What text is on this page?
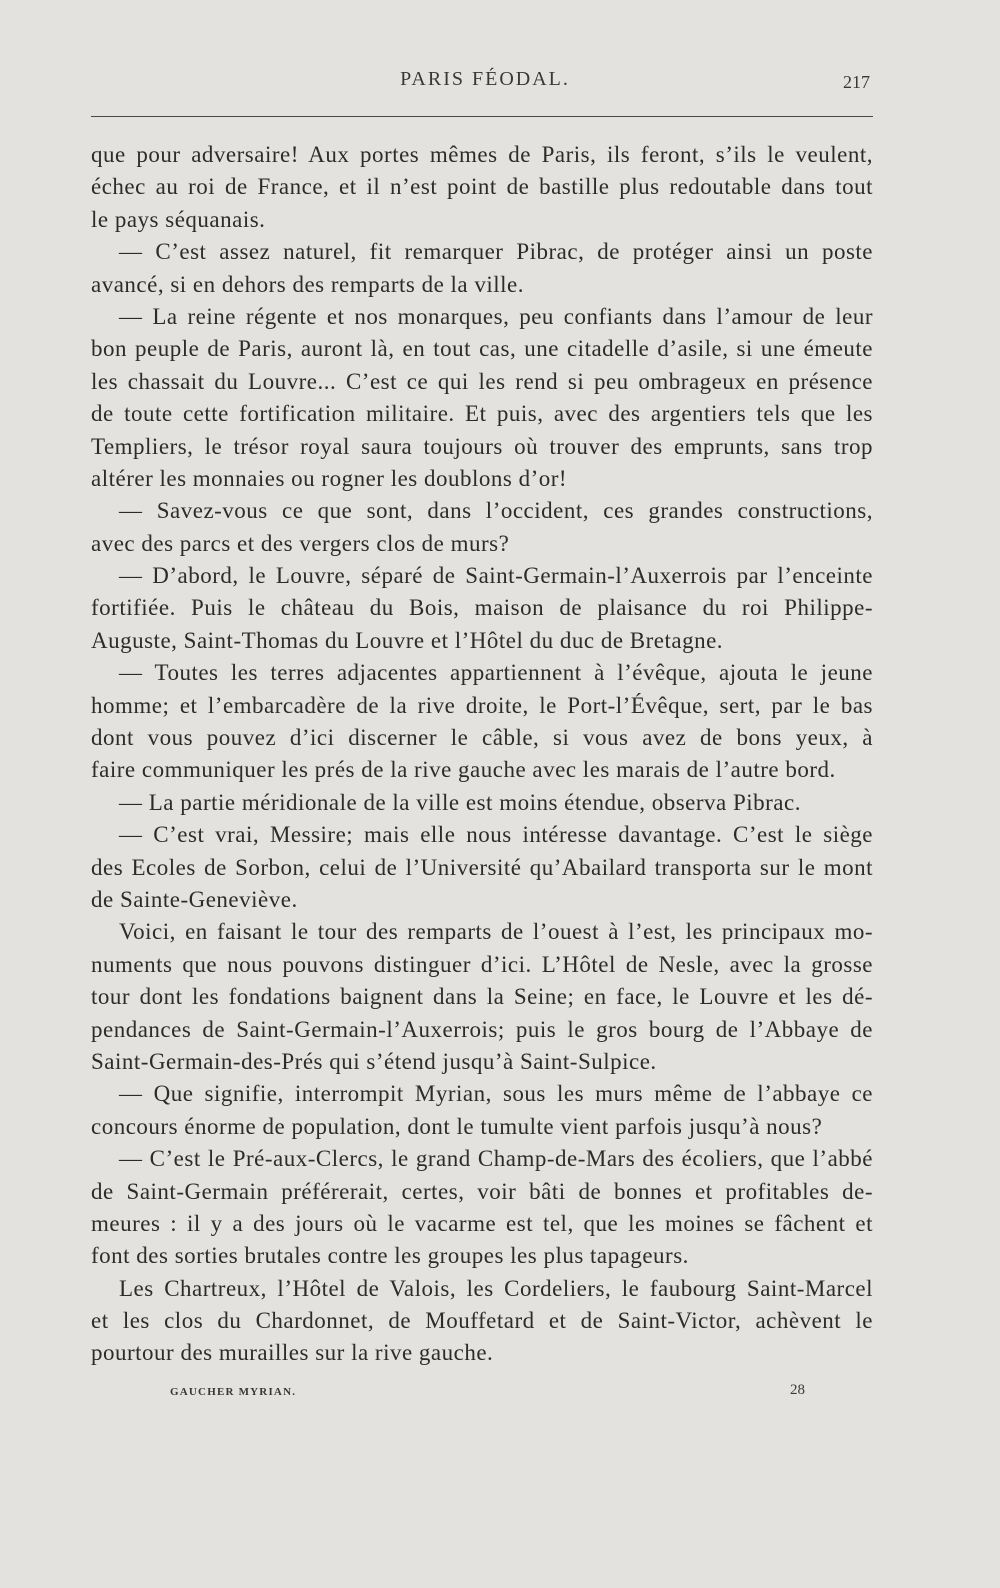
PARIS FÉODAL.	217
que pour adversaire! Aux portes mêmes de Paris, ils feront, s’ils le veulent,
échec au roi de France, et il n’est point de bastille plus redoutable dans tout
le pays séquanais.
— C’est assez naturel, fit remarquer Pibrac, de protéger ainsi un poste
avancé, si en dehors des remparts de la ville.
— La reine régente et nos monarques, peu confiants dans l’amour de leur
bon peuple de Paris, auront là, en tout cas, une citadelle d’asile, si une émeute
les chassait du Louvre... C’est ce qui les rend si peu ombrageux en présence
de toute cette fortification militaire. Et puis, avec des argentiers tels que les
Templiers, le trésor royal saura toujours où trouver des emprunts, sans trop
altérer les monnaies ou rogner les doublons d’or!
— Savez-vous ce que sont, dans l’occident, ces grandes constructions,
avec des parcs et des vergers clos de murs?
— D’abord, le Louvre, séparé de Saint-Germain-l’Auxerrois par l’enceinte
fortifiée. Puis le château du Bois, maison de plaisance du roi Philippe-
Auguste, Saint-Thomas du Louvre et l’Hôtel du duc de Bretagne.
— Toutes les terres adjacentes appartiennent à l’évêque, ajouta le jeune
homme; et l’embarcadère de la rive droite, le Port-l’Évêque, sert, par le bas
dont vous pouvez d’ici discerner le câble, si vous avez de bons yeux, à
faire communiquer les prés de la rive gauche avec les marais de l’autre bord.
— La partie méridionale de la ville est moins étendue, observa Pibrac.
— C’est vrai, Messire; mais elle nous intéresse davantage. C’est le siège
des Ecoles de Sorbon, celui de l’Université qu’Abailard transporta sur le mont
de Sainte-Geneviève.
Voici, en faisant le tour des remparts de l’ouest à l’est, les principaux mo-
numents que nous pouvons distinguer d’ici. L’Hôtel de Nesle, avec la grosse
tour dont les fondations baignent dans la Seine; en face, le Louvre et les dé-
pendances de Saint-Germain-l’Auxerrois; puis le gros bourg de l’Abbaye de
Saint-Germain-des-Prés qui s’étend jusqu’à Saint-Sulpice.
— Que signifie, interrompit Myrian, sous les murs même de l’abbaye ce
concours énorme de population, dont le tumulte vient parfois jusqu’à nous?
— C’est le Pré-aux-Clercs, le grand Champ-de-Mars des écoliers, que l’abbé
de Saint-Germain préférerait, certes, voir bâti de bonnes et profitables de-
meures : il y a des jours où le vacarme est tel, que les moines se fâchent et
font des sorties brutales contre les groupes les plus tapageurs.
Les Chartreux, l’Hôtel de Valois, les Cordeliers, le faubourg Saint-Marcel
et les clos du Chardonnet, de Mouffetard et de Saint-Victor, achèvent le
pourtour des murailles sur la rive gauche.
GAUCHER MYRIAN.	28
